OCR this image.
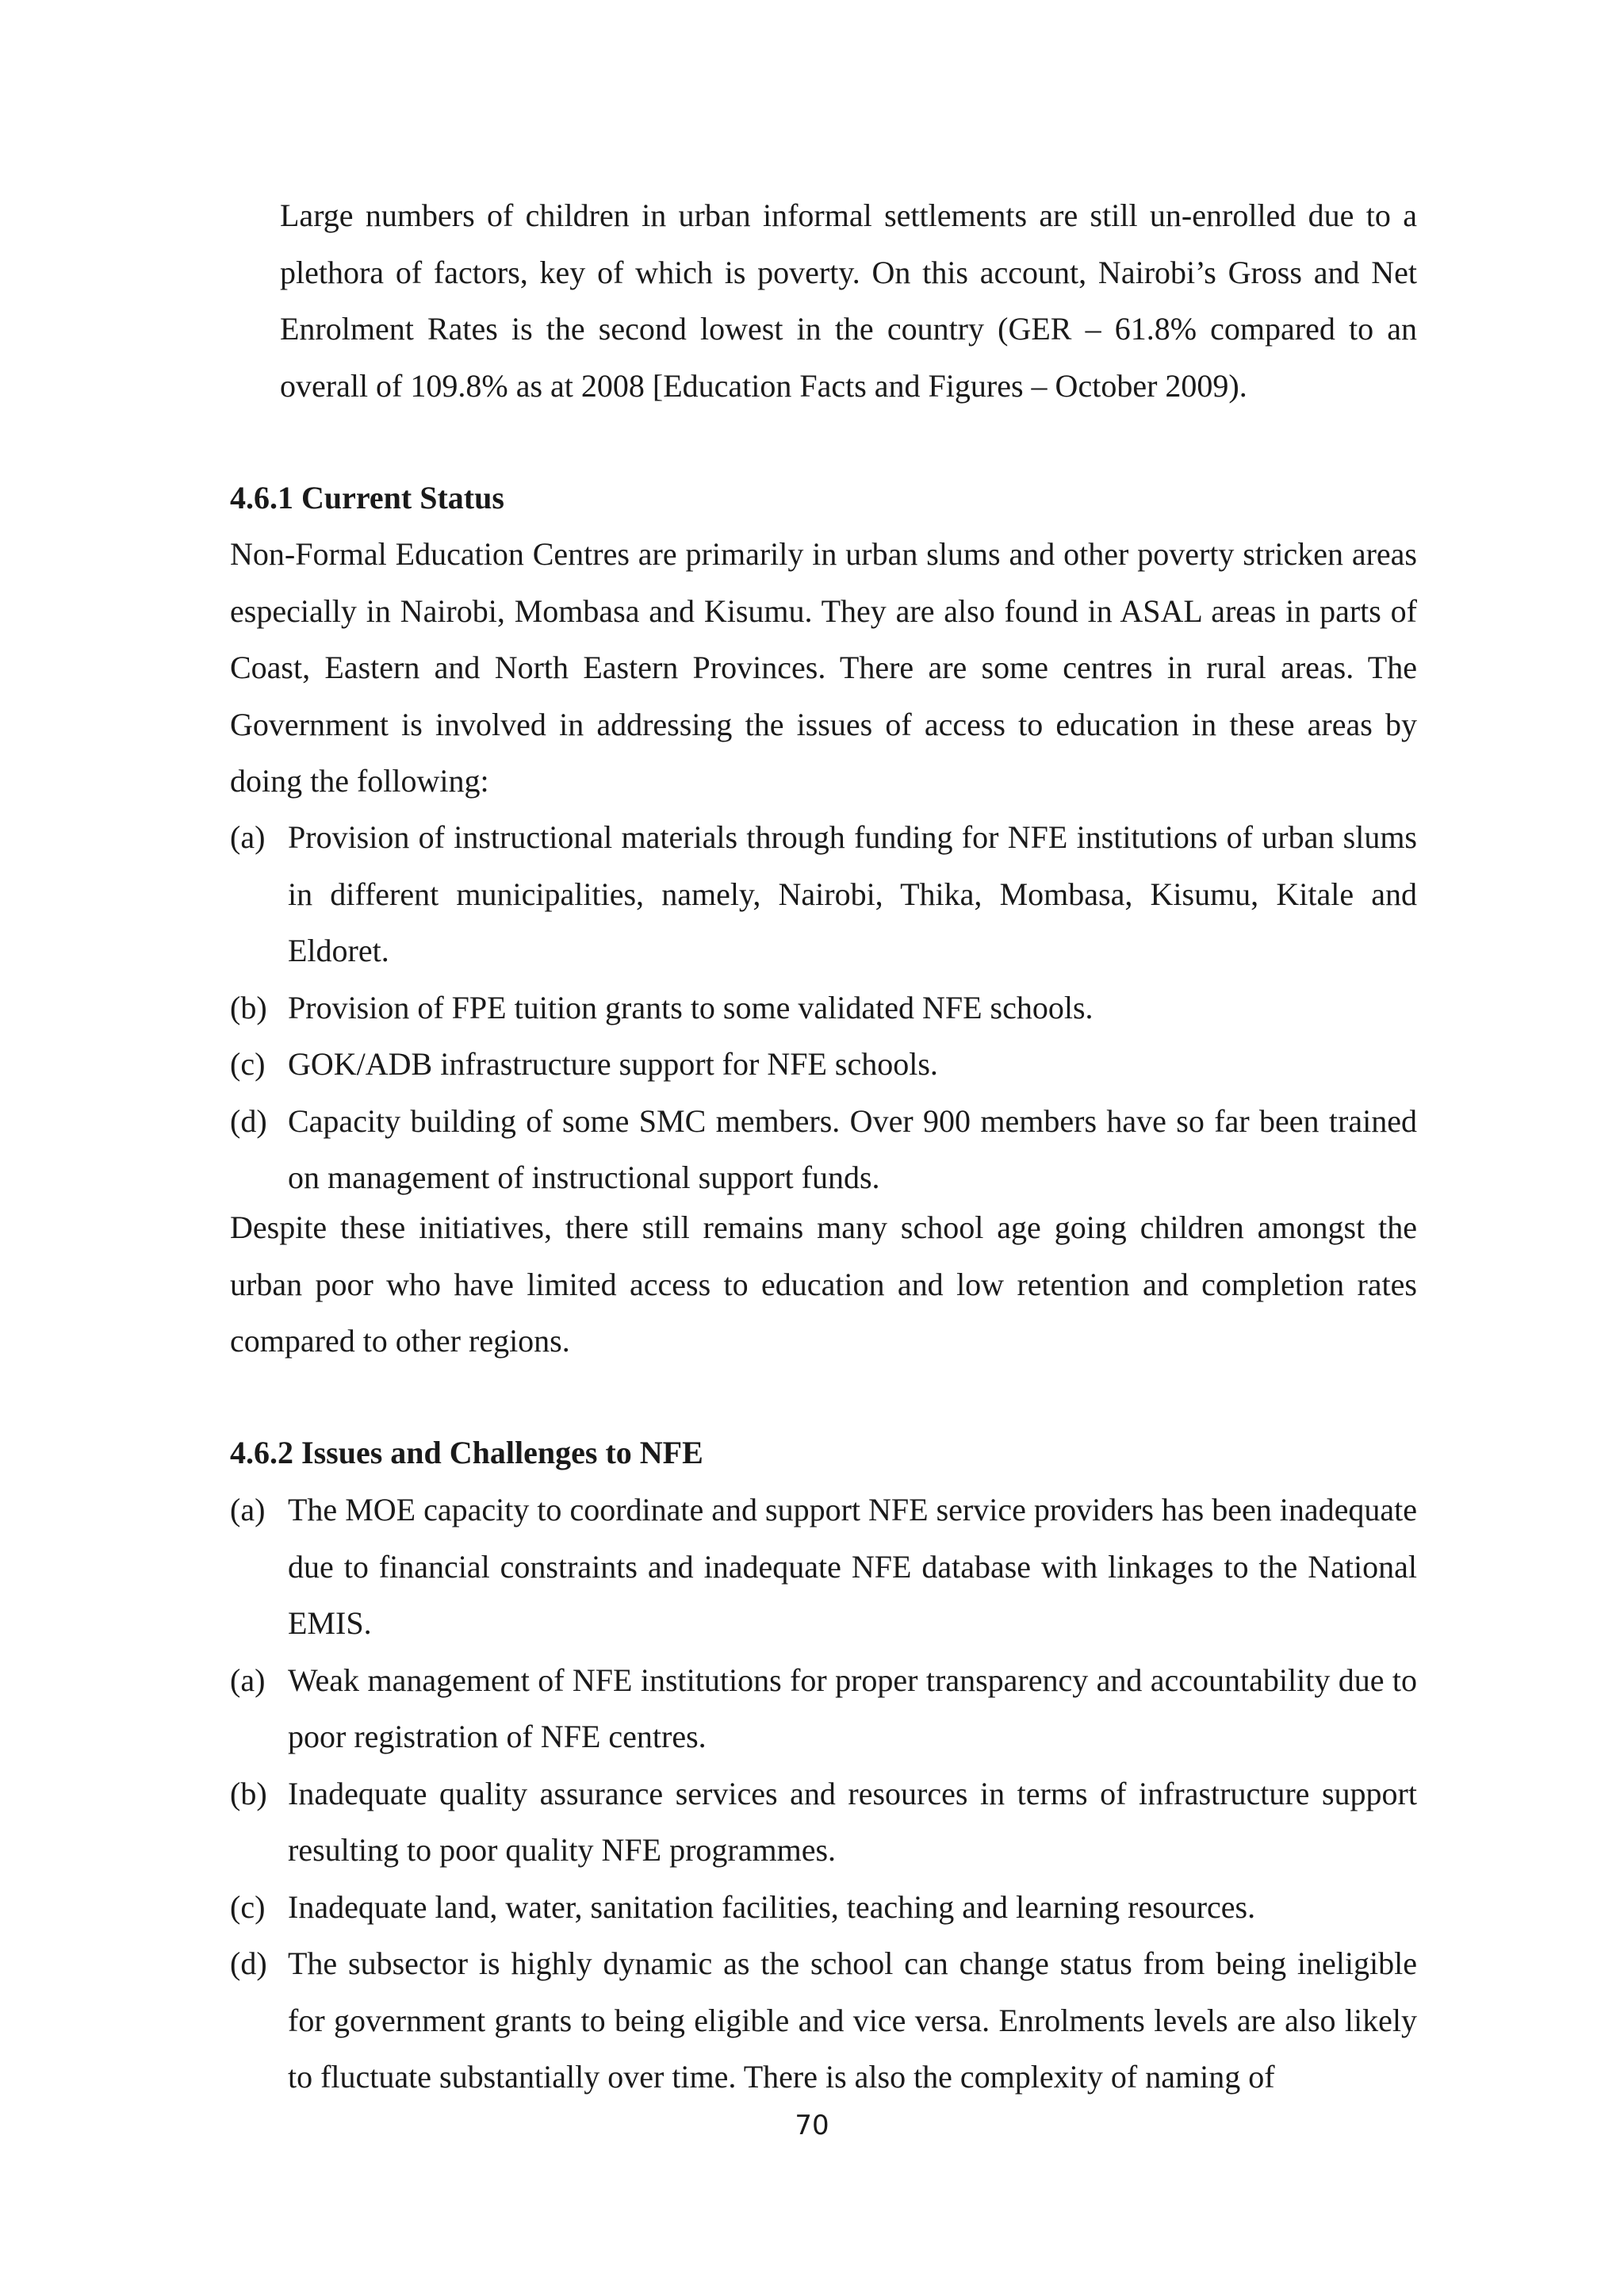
Large numbers of children in urban informal settlements are still un-enrolled due to a plethora of factors, key of which is poverty. On this account, Nairobi’s Gross and Net Enrolment Rates is the second lowest in the country (GER – 61.8% compared to an overall of 109.8% as at 2008 [Education Facts and Figures – October 2009).

4.6.1 Current Status

Non-Formal Education Centres are primarily in urban slums and other poverty stricken areas especially in Nairobi, Mombasa and Kisumu. They are also found in ASAL areas in parts of Coast, Eastern and North Eastern Provinces. There are some centres in rural areas. The Government is involved in addressing the issues of access to education in these areas by doing the following:

(a) Provision of instructional materials through funding for NFE institutions of urban slums in different municipalities, namely, Nairobi, Thika, Mombasa, Kisumu, Kitale and Eldoret.
(b) Provision of FPE tuition grants to some validated NFE schools.
(c) GOK/ADB infrastructure support for NFE schools.
(d) Capacity building of some SMC members. Over 900 members have so far been trained on management of instructional support funds.

Despite these initiatives, there still remains many school age going children amongst the urban poor who have limited access to education and low retention and completion rates compared to other regions.

4.6.2 Issues and Challenges to NFE
(a) The MOE capacity to coordinate and support NFE service providers has been inadequate due to financial constraints and inadequate NFE database with linkages to the National EMIS.
(a) Weak management of NFE institutions for proper transparency and accountability due to poor registration of NFE centres.
(b) Inadequate quality assurance services and resources in terms of infrastructure support resulting to poor quality NFE programmes.
(c) Inadequate land, water, sanitation facilities, teaching and learning resources.
(d) The subsector is highly dynamic as the school can change status from being ineligible for government grants to being eligible and vice versa. Enrolments levels are also likely to fluctuate substantially over time. There is also the complexity of naming of
70
